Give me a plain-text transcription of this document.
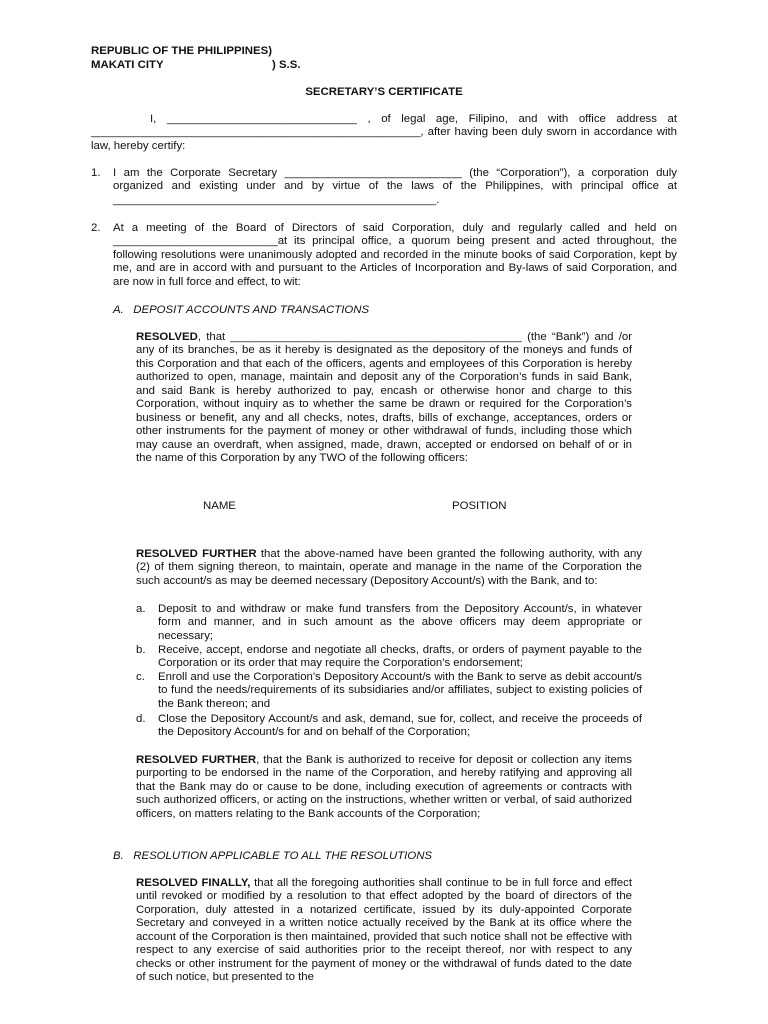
REPUBLIC OF THE PHILIPPINES)
MAKATI CITY	) S.S.
SECRETARY’S CERTIFICATE

I, ______________________________ , of legal age, Filipino, and with office address at ____________________________________________________, after having been duly sworn in accordance with law, hereby certify:

1. I am the Corporate Secretary ____________________________ (the “Corporation”), a corporation duly organized and existing under and by virtue of the laws of the Philippines, with principal office at ___________________________________________________.

2. At a meeting of the Board of Directors of said Corporation, duly and regularly called and held on __________________________at its principal office, a quorum being present and acted throughout, the following resolutions were unanimously adopted and recorded in the minute books of said Corporation, kept by me, and are in accord with and pursuant to the Articles of Incorporation and By-laws of said Corporation, and are now in full force and effect, to wit:

A.   DEPOSIT ACCOUNTS AND TRANSACTIONS

RESOLVED, that ______________________________________________ (the “Bank”) and /or any of its branches, be as it hereby is designated as the depository of the moneys and funds of this Corporation and that each of the officers, agents and employees of this Corporation is hereby authorized to open, manage, maintain and deposit any of the Corporation’s funds in said Bank, and said Bank is hereby authorized to pay, encash or otherwise honor and charge to this Corporation, without inquiry as to whether the same be drawn or required for the Corporation’s business or benefit, any and all checks, notes, drafts, bills of exchange, acceptances, orders or other instruments for the payment of money or other withdrawal of funds, including those which may cause an overdraft, when assigned, made, drawn, accepted or endorsed on behalf of or in the name of this Corporation by any TWO of the following officers:

NAME	POSITION

RESOLVED FURTHER that the above-named have been granted the following authority, with any (2) of them signing thereon, to maintain, operate and manage in the name of the Corporation the such account/s as may be deemed necessary (Depository Account/s) with the Bank, and to:

a. Deposit to and withdraw or make fund transfers from the Depository Account/s, in whatever form and manner, and in such amount as the above officers may deem appropriate or necessary;

b. Receive, accept, endorse and negotiate all checks, drafts, or orders of payment payable to the Corporation or its order that may require the Corporation's endorsement;

c. Enroll and use the Corporation's Depository Account/s with the Bank to serve as debit account/s to fund the needs/requirements of its subsidiaries and/or affiliates, subject to existing policies of the Bank thereon; and

d. Close the Depository Account/s and ask, demand, sue for, collect, and receive the proceeds of the Depository Account/s for and on behalf of the Corporation;

RESOLVED FURTHER, that the Bank is authorized to receive for deposit or collection any items purporting to be endorsed in the name of the Corporation, and hereby ratifying and approving all that the Bank may do or cause to be done, including execution of agreements or contracts with such authorized officers, or acting on the instructions, whether written or verbal, of said authorized officers, on matters relating to the Bank accounts of the Corporation;

B.   RESOLUTION APPLICABLE TO ALL THE RESOLUTIONS

RESOLVED FINALLY, that all the foregoing authorities shall continue to be in full force and effect until revoked or modified by a resolution to that effect adopted by the board of directors of the Corporation, duly attested in a notarized certificate, issued by its duly-appointed Corporate Secretary and conveyed in a written notice actually received by the Bank at its office where the account of the Corporation is then maintained, provided that such notice shall not be effective with respect to any exercise of said authorities prior to the receipt thereof, nor with respect to any checks or other instrument for the payment of money or the withdrawal of funds dated to the date of such notice, but presented to the
